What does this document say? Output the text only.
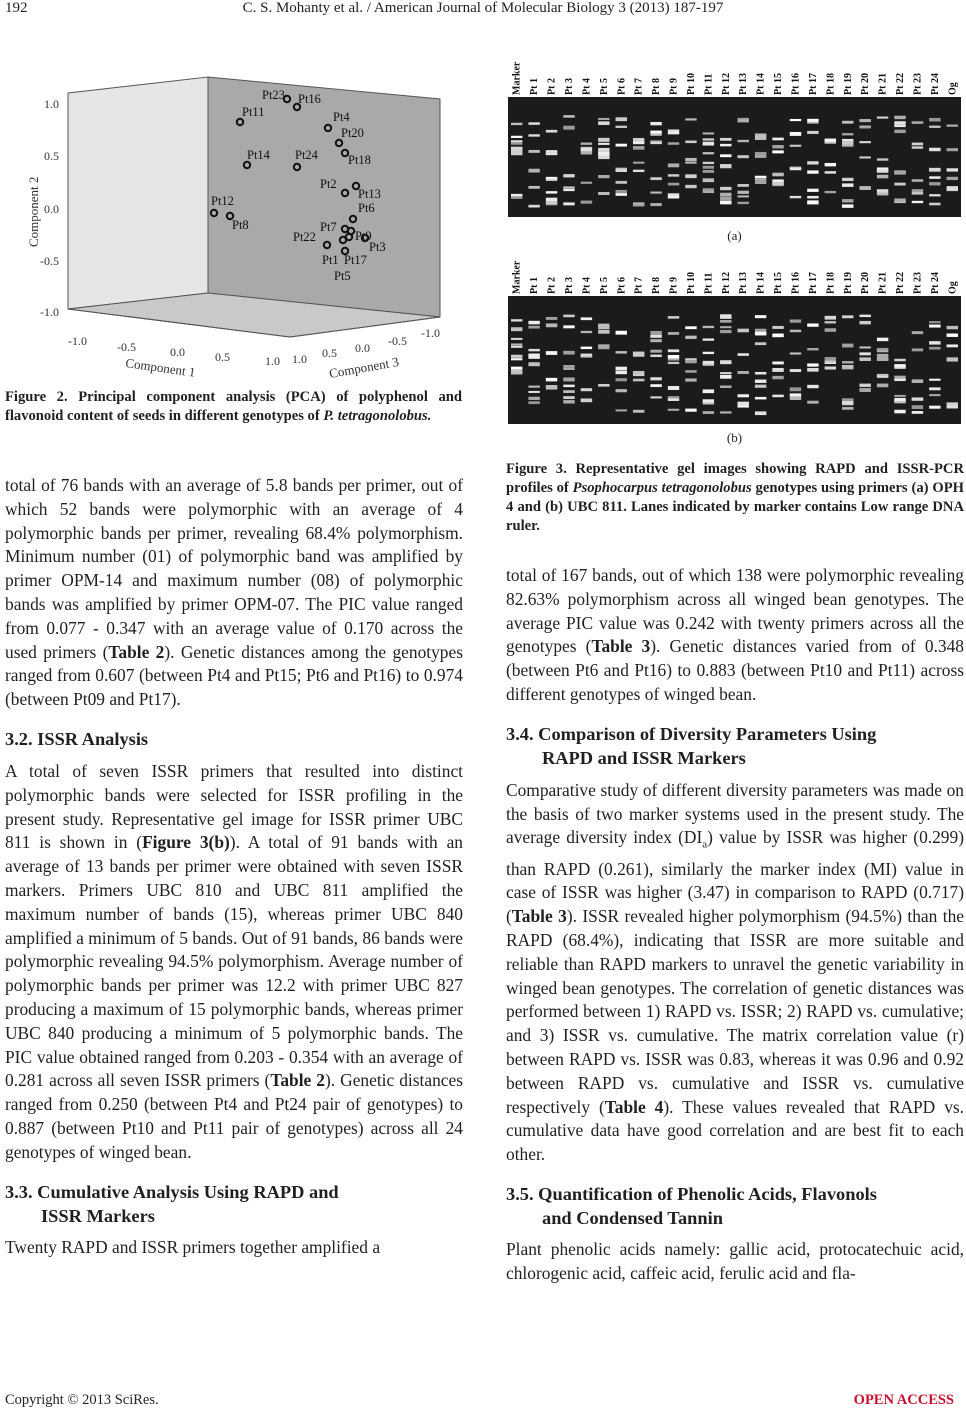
192	C. S. Mohanty et al. / American Journal of Molecular Biology 3 (2013) 187-197
1.0
0.5
0.0
-0.5
-1.0
-1.0	-0.5	0.0	0.5	1.0 1.0 0.5 0.0 -0.5
-1.0
Component 2
Component 1	Component 3
Pt23 Pt16
Pt11	Pt4
Pt20
Pt14 Pt24 Pt18
Pt2
Pt13
Pt12	Pt6
Pt8	Pt7
Pt9
Pt22
Pt3
Pt1 Pt17
Pt5
Figure 2. Principal component analysis (PCA) of polyphenol and flavonoid content of seeds in different genotypes of P. tetragonolobus.

total of 76 bands with an average of 5.8 bands per primer, out of which 52 bands were polymorphic with an average of 4 polymorphic bands per primer, revealing 68.4% polymorphism. Minimum number (01) of polymorphic band was amplified by primer OPM-14 and maximum number (08) of polymorphic bands was amplified by primer OPM-07. The PIC value ranged from 0.077 - 0.347 with an average value of 0.170 across the used primers (Table 2). Genetic distances among the genotypes ranged from 0.607 (between Pt4 and Pt15; Pt6 and Pt16) to 0.974 (between Pt09 and Pt17).

3.2. ISSR Analysis

A total of seven ISSR primers that resulted into distinct polymorphic bands were selected for ISSR profiling in the present study. Representative gel image for ISSR primer UBC 811 is shown in (Figure 3(b)). A total of 91 bands with an average of 13 bands per primer were obtained with seven ISSR markers. Primers UBC 810 and UBC 811 amplified the maximum number of bands (15), whereas primer UBC 840 amplified a minimum of 5 bands. Out of 91 bands, 86 bands were polymorphic revealing 94.5% polymorphism. Average number of polymorphic bands per primer was 12.2 with primer UBC 827 producing a maximum of 15 polymorphic bands, whereas primer UBC 840 producing a minimum of 5 polymorphic bands. The PIC value obtained ranged from 0.203 - 0.354 with an average of 0.281 across all seven ISSR primers (Table 2). Genetic distances ranged from 0.250 (between Pt4 and Pt24 pair of genotypes) to 0.887 (between Pt10 and Pt11 pair of genotypes) across all 24 genotypes of winged bean.

3.3. Cumulative Analysis Using RAPD and
ISSR Markers

Twenty RAPD and ISSR primers together amplified a

Marker Pt 1 Pt 2 Pt 3 Pt 4 Pt 5 Pt 6 Pt 7 Pt 8 Pt 9 Pt 10 Pt 11 Pt 12 Pt 13 Pt 14 Pt 15 Pt 16 Pt 17 Pt 18 Pt 19 Pt 20 Pt 21 Pt 22 Pt 23 Pt 24 Og
(a)
Marker Pt 1 Pt 2 Pt 3 Pt 4 Pt 5 Pt 6 Pt 7 Pt 8 Pt 9 Pt 10 Pt 11 Pt 12 Pt 13 Pt 14 Pt 15 Pt 16 Pt 17 Pt 18 Pt 19 Pt 20 Pt 21 Pt 22 Pt 23 Pt 24 Og
(b)
Figure 3. Representative gel images showing RAPD and ISSR-PCR profiles of Psophocarpus tetragonolobus genotypes using primers (a) OPH 4 and (b) UBC 811. Lanes indicated by marker contains Low range DNA ruler.

total of 167 bands, out of which 138 were polymorphic revealing 82.63% polymorphism across all winged bean genotypes. The average PIC value was 0.242 with twenty primers across all the genotypes (Table 3). Genetic distances varied from of 0.348 (between Pt6 and Pt16) to 0.883 (between Pt10 and Pt11) across different genotypes of winged bean.

3.4. Comparison of Diversity Parameters Using
RAPD and ISSR Markers

Comparative study of different diversity parameters was made on the basis of two marker systems used in the present study. The average diversity index $(DI_a)$ value by ISSR was higher (0.299) than RAPD (0.261), similarly the marker index (MI) value in case of ISSR was higher (3.47) in comparison to RAPD (0.717) (Table 3). ISSR revealed higher polymorphism (94.5%) than the RAPD (68.4%), indicating that ISSR are more suitable and reliable than RAPD markers to unravel the genetic variability in winged bean genotypes. The correlation of genetic distances was performed between 1) RAPD vs. ISSR; 2) RAPD vs. cumulative; and 3) ISSR vs. cumulative. The matrix correlation value (r) between RAPD vs. ISSR was 0.83, whereas it was 0.96 and 0.92 between RAPD vs. cumulative and ISSR vs. cumulative respectively (Table 4). These values revealed that RAPD vs. cumulative data have good correlation and are best fit to each other.

3.5. Quantification of Phenolic Acids, Flavonols
and Condensed Tannin

Plant phenolic acids namely: gallic acid, protocatechuic acid, chlorogenic acid, caffeic acid, ferulic acid and fla-

Copyright © 2013 SciRes.	OPEN ACCESS
